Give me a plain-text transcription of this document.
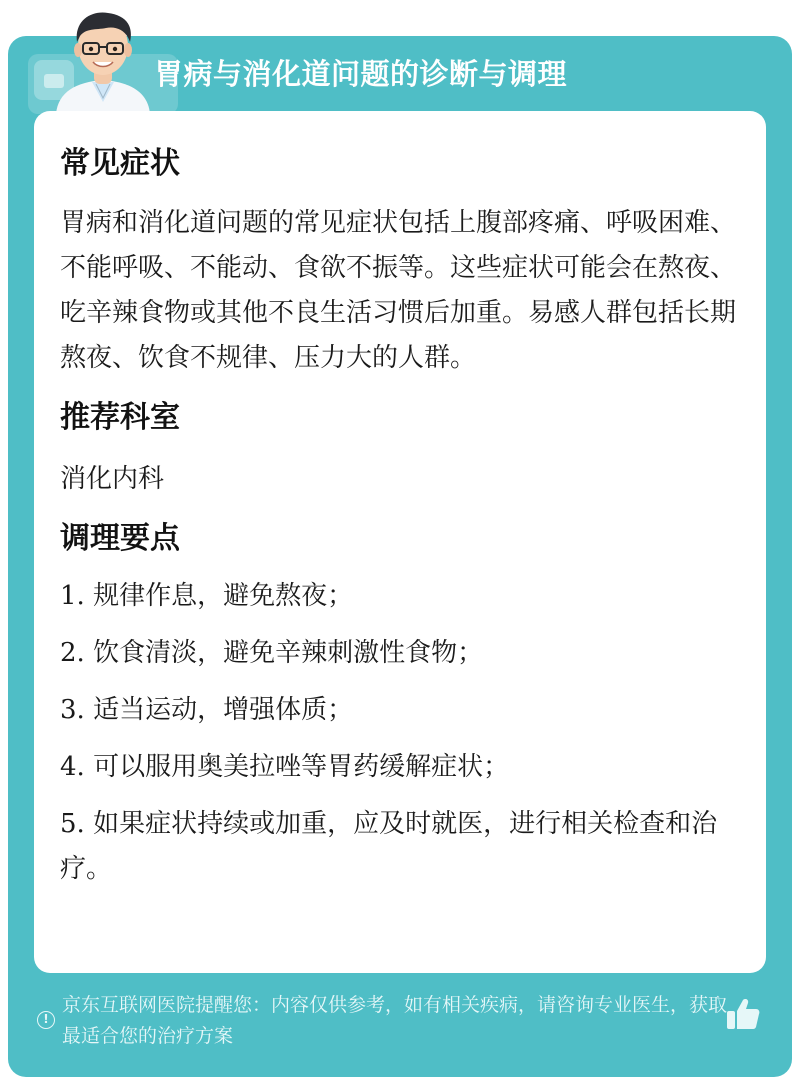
胃病与消化道问题的诊断与调理
常见症状
胃病和消化道问题的常见症状包括上腹部疼痛、呼吸困难、不能呼吸、不能动、食欲不振等。这些症状可能会在熬夜、吃辛辣食物或其他不良生活习惯后加重。易感人群包括长期熬夜、饮食不规律、压力大的人群。
推荐科室
消化内科
调理要点
1. 规律作息，避免熬夜；
2. 饮食清淡，避免辛辣刺激性食物；
3. 适当运动，增强体质；
4. 可以服用奥美拉唑等胃药缓解症状；
5. 如果症状持续或加重，应及时就医，进行相关检查和治疗。
!
京东互联网医院提醒您：内容仅供参考，如有相关疾病，请咨询专业医生，获取最适合您的治疗方案
